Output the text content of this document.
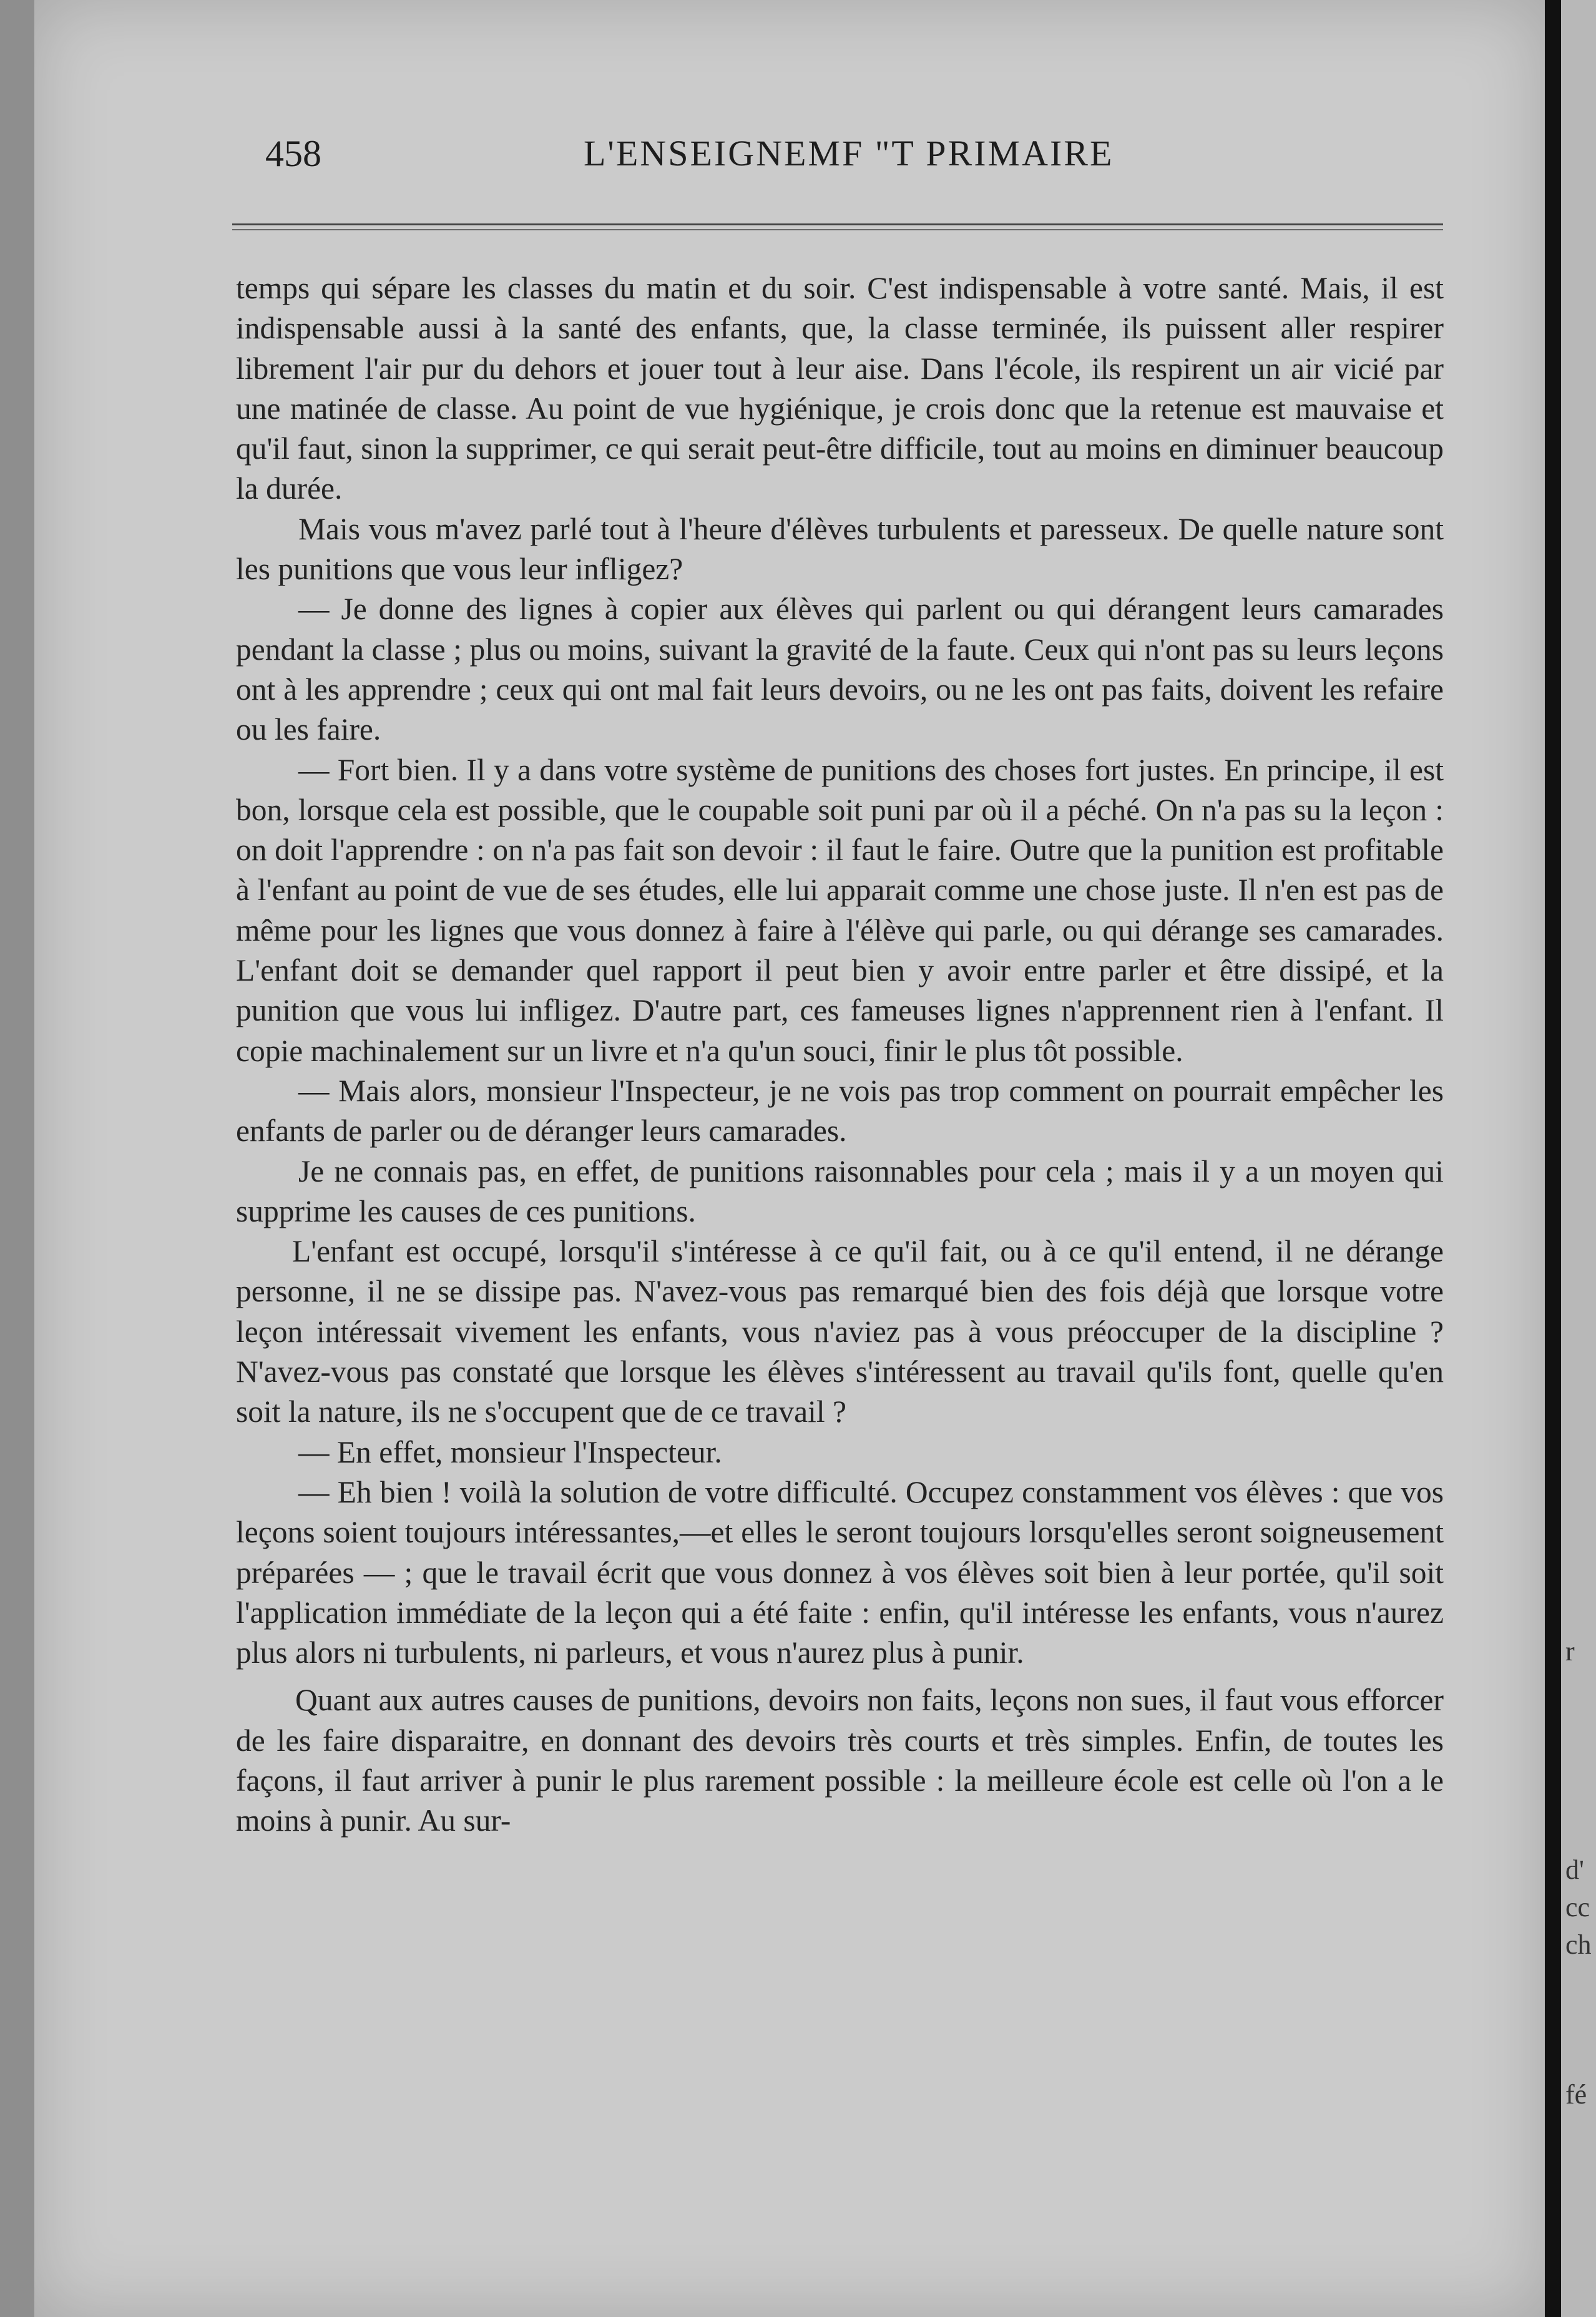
458	L'ENSEIGNEMF "T PRIMAIRE

temps qui sépare les classes du matin et du soir. C'est indispensable à votre santé. Mais, il est indispensable aussi à la santé des enfants, que, la classe terminée, ils puissent aller respirer librement l'air pur du dehors et jouer tout à leur aise. Dans l'école, ils respirent un air vicié par une matinée de classe. Au point de vue hygiénique, je crois donc que la retenue est mauvaise et qu'il faut, sinon la supprimer, ce qui serait peut-être difficile, tout au moins en diminuer beaucoup la durée.

Mais vous m'avez parlé tout à l'heure d'élèves turbulents et paresseux. De quelle nature sont les punitions que vous leur infligez?

— Je donne des lignes à copier aux élèves qui parlent ou qui dérangent leurs camarades pendant la classe ; plus ou moins, suivant la gravité de la faute. Ceux qui n'ont pas su leurs leçons ont à les apprendre ; ceux qui ont mal fait leurs devoirs, ou ne les ont pas faits, doivent les refaire ou les faire.

— Fort bien. Il y a dans votre système de punitions des choses fort justes. En principe, il est bon, lorsque cela est possible, que le coupable soit puni par où il a péché. On n'a pas su la leçon : on doit l'apprendre : on n'a pas fait son devoir : il faut le faire. Outre que la punition est profitable à l'enfant au point de vue de ses études, elle lui apparait comme une chose juste. Il n'en est pas de même pour les lignes que vous donnez à faire à l'élève qui parle, ou qui dérange ses camarades. L'enfant doit se demander quel rapport il peut bien y avoir entre parler et être dissipé, et la punition que vous lui infligez. D'autre part, ces fameuses lignes n'apprennent rien à l'enfant. Il copie machinalement sur un livre et n'a qu'un souci, finir le plus tôt possible.

— Mais alors, monsieur l'Inspecteur, je ne vois pas trop comment on pourrait empêcher les enfants de parler ou de déranger leurs camarades.

Je ne connais pas, en effet, de punitions raisonnables pour cela ; mais il y a un moyen qui supprime les causes de ces punitions.

L'enfant est occupé, lorsqu'il s'intéresse à ce qu'il fait, ou à ce qu'il entend, il ne dérange personne, il ne se dissipe pas. N'avez-vous pas remarqué bien des fois déjà que lorsque votre leçon intéressait vivement les enfants, vous n'aviez pas à vous préoccuper de la discipline ? N'avez-vous pas constaté que lorsque les élèves s'intéressent au travail qu'ils font, quelle qu'en soit la nature, ils ne s'occupent que de ce travail ?

— En effet, monsieur l'Inspecteur.

— Eh bien ! voilà la solution de votre difficulté. Occupez constamment vos élèves : que vos leçons soient toujours intéressantes,—et elles le seront toujours lorsqu'elles seront soigneusement préparées — ; que le travail écrit que vous donnez à vos élèves soit bien à leur portée, qu'il soit l'application immédiate de la leçon qui a été faite : enfin, qu'il intéresse les enfants, vous n'aurez plus alors ni turbulents, ni parleurs, et vous n'aurez plus à punir.

Quant aux autres causes de punitions, devoirs non faits, leçons non sues, il faut vous efforcer de les faire disparaitre, en donnant des devoirs très courts et très simples. Enfin, de toutes les façons, il faut arriver à punir le plus rarement possible : la meilleure école est celle où l'on a le moins à punir. Au sur-

r
d'
cc
ch
fé
